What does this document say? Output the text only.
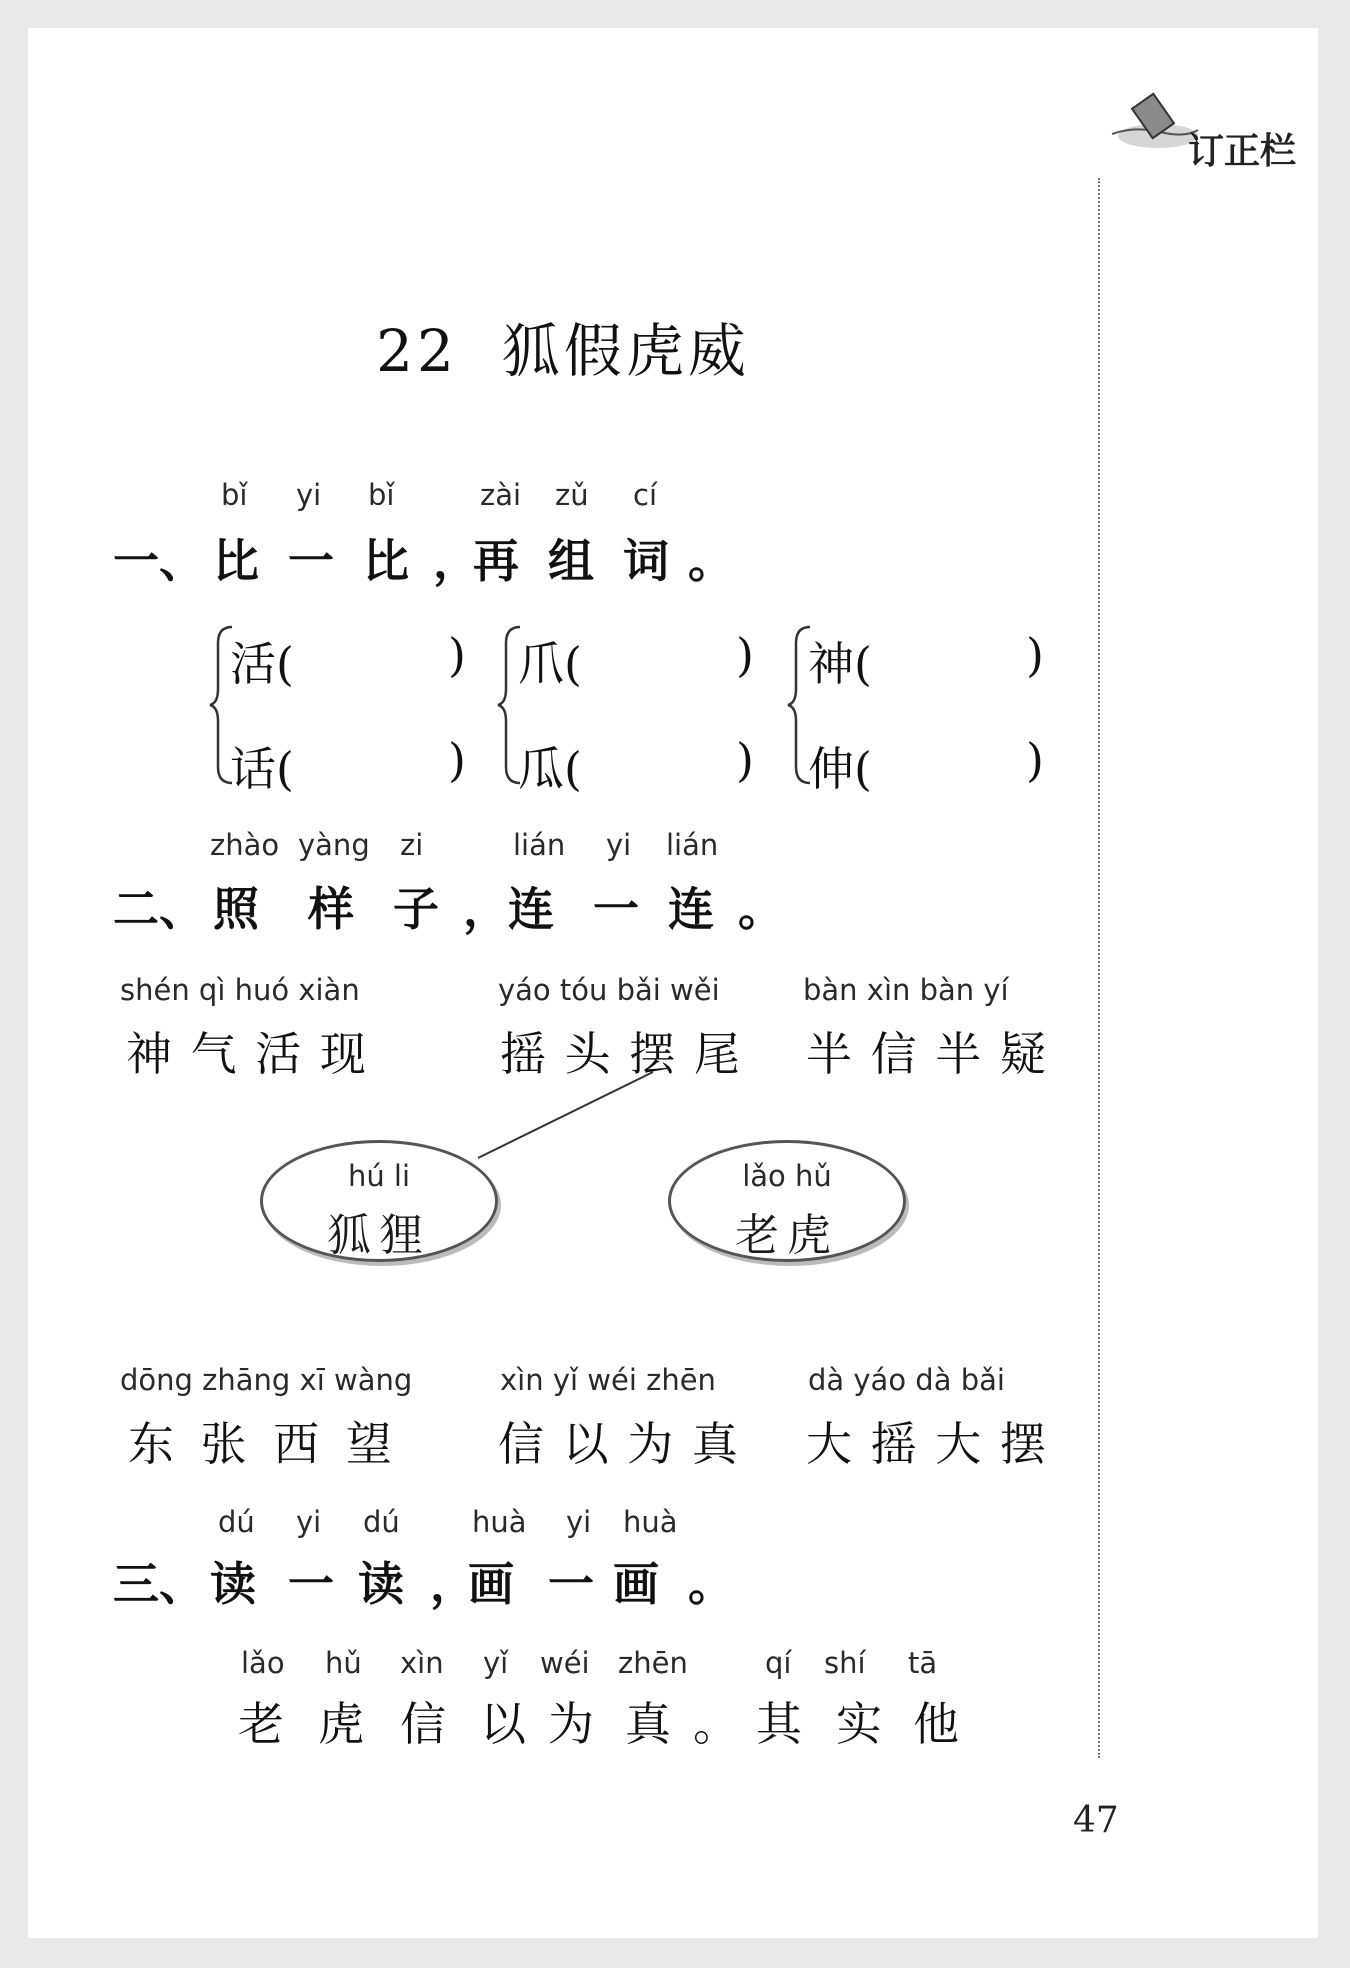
订正栏
22 狐假虎威
bǐ yi bǐ	zài zǔ cí
一、 比 一 比 ，
再 组 词 。
活(	)
话(	)
爪(	)
瓜(	)
神(	)
伸(	)
zhào yàng zi	lián yi lián
二、 照 样 子 ， 连 一 连 。
shén qì huó xiàn
神 气 活 现
yáo tóu bǎi wěi
摇 头 摆 尾
bàn xìn bàn yí
半 信 半 疑
hú li
狐狸
lǎo hǔ
老虎
dōng zhāng xī wàng
东 张 西 望
xìn yǐ wéi zhēn
信 以 为 真
dà yáo dà bǎi
大 摇 大 摆
dú yi dú huà yi huà
三、 读 一 读 ，
画 一 画 。
lǎo hǔ xìn yǐ wéi zhēn	qí shí tā
老 虎 信 以 为 真 。 其 实 他
47
